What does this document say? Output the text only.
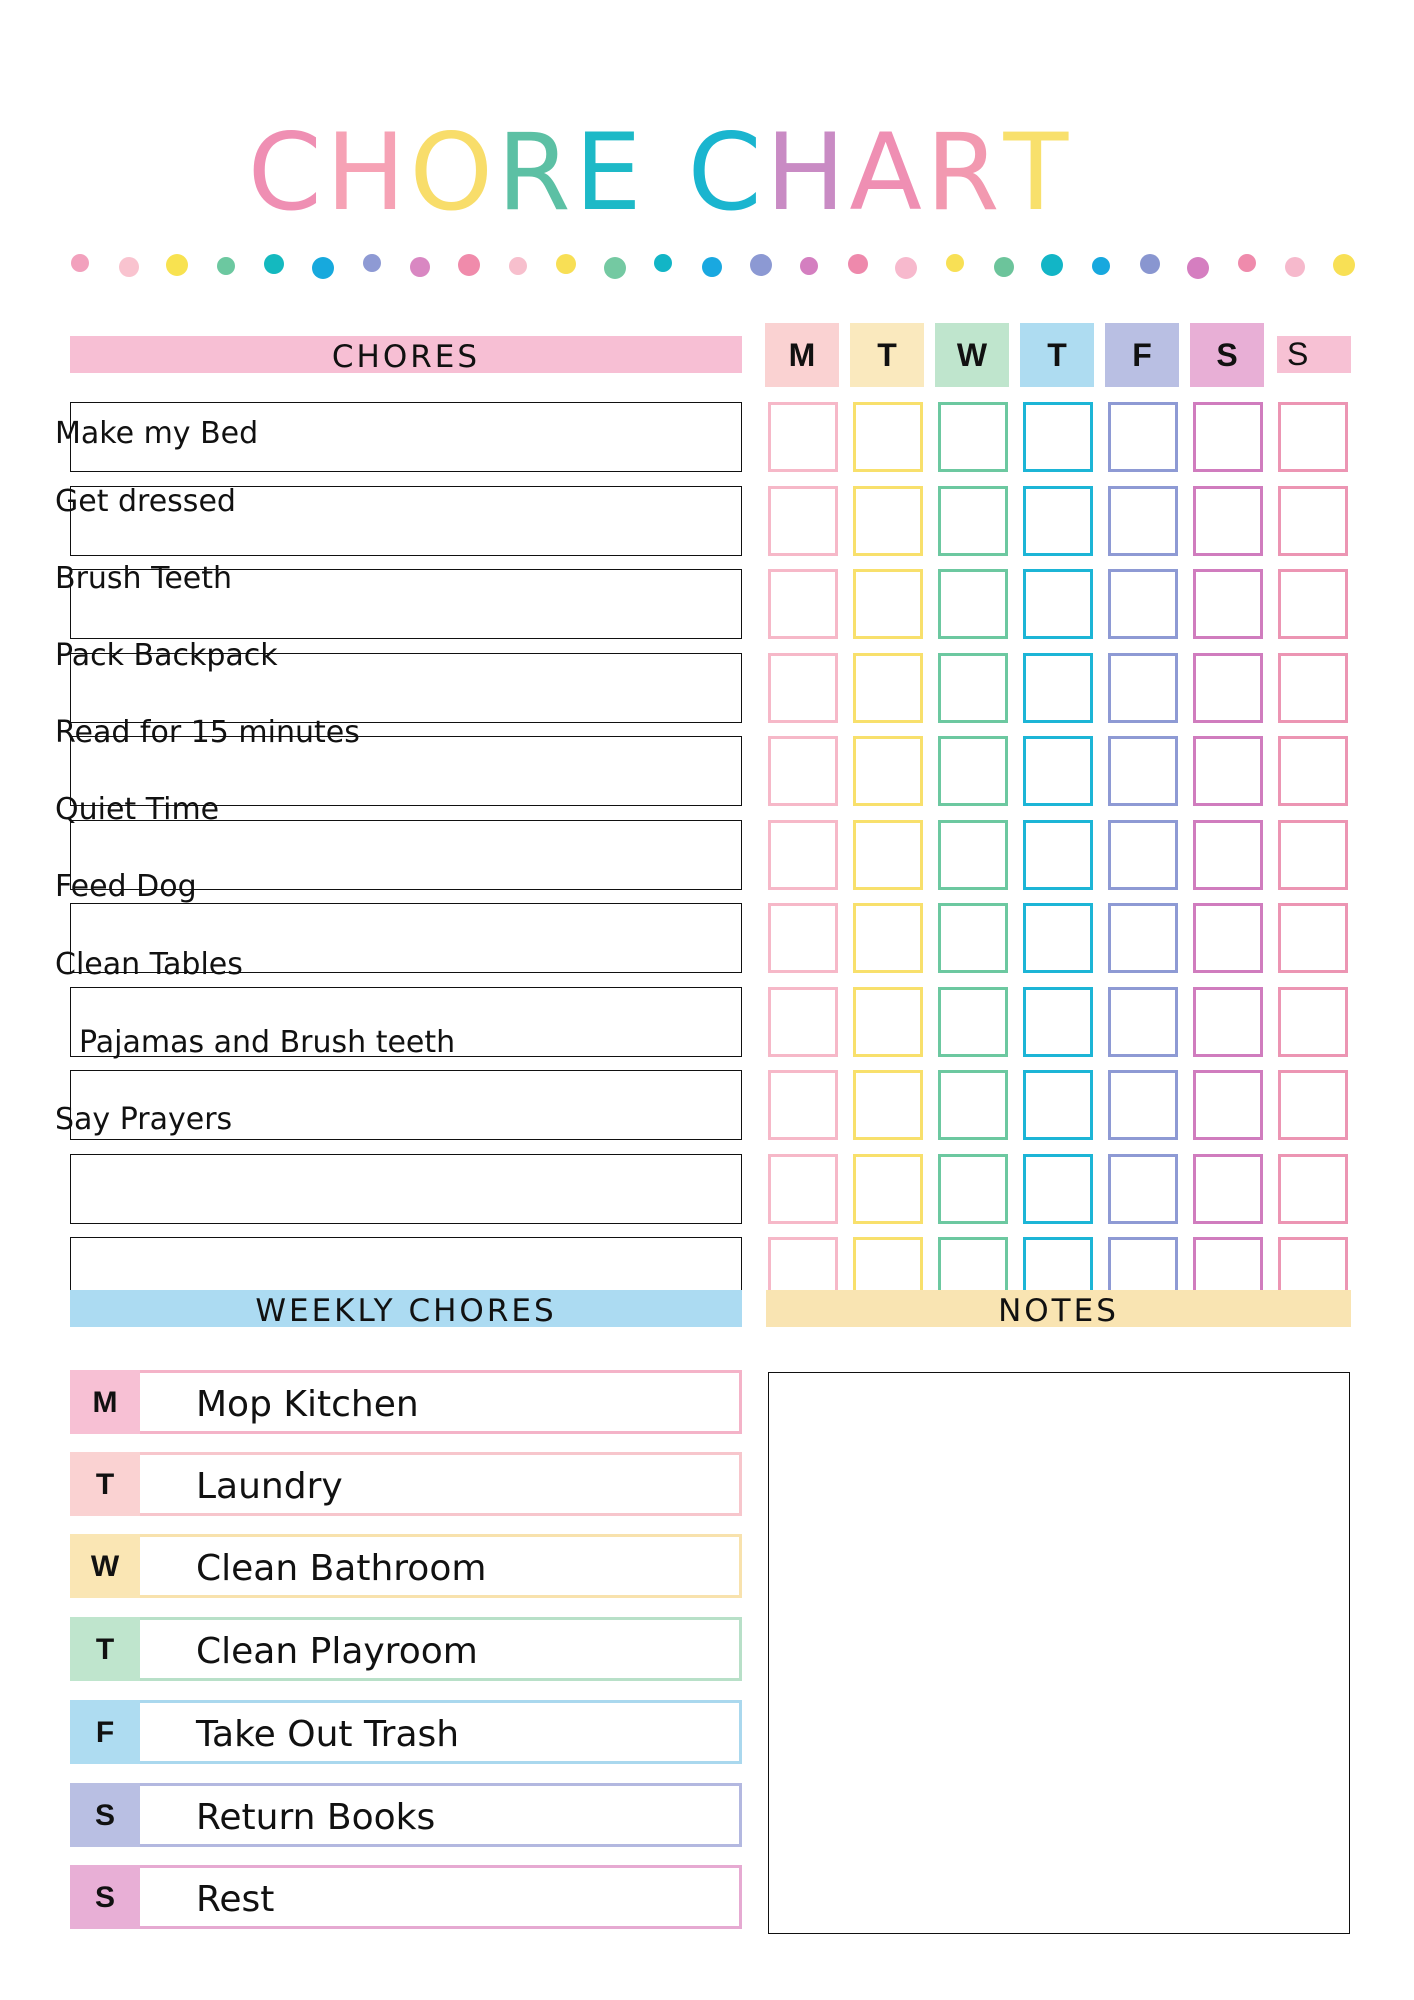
CHORE CHART
CHORES	M	T	W	T	F	S	S
Make my Bed
Get dressed
Brush Teeth
Pack Backpack
Read for 15 minutes
Quiet Time
Feed Dog
Clean Tables
Pajamas and Brush teeth
Say Prayers
WEEKLY CHORES
M	Mop Kitchen
T	Laundry
W	Clean Bathroom
T	Clean Playroom
F	Take Out Trash
S	Return Books
S	Rest
NOTES
